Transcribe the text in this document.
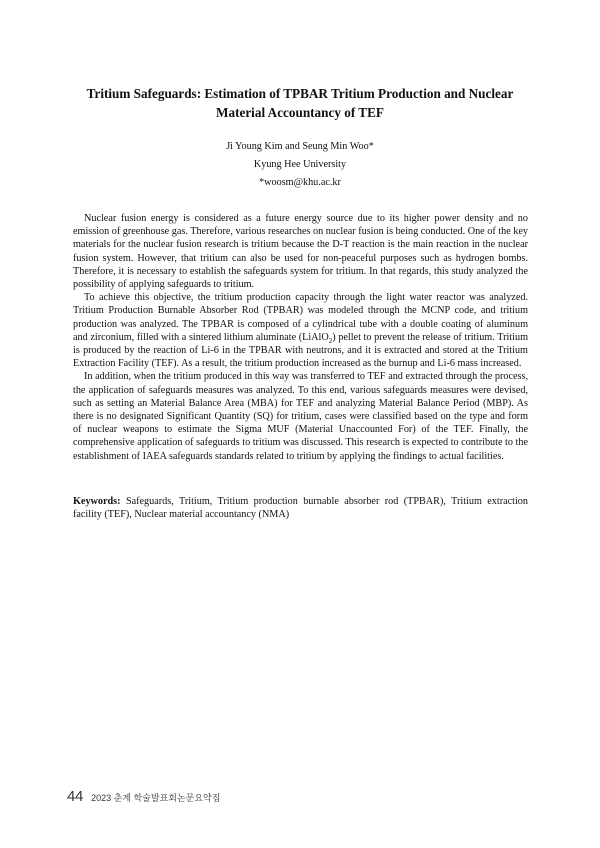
Tritium Safeguards: Estimation of TPBAR Tritium Production and Nuclear Material Accountancy of TEF
Ji Young Kim and Seung Min Woo*
Kyung Hee University
*woosm@khu.ac.kr

Nuclear fusion energy is considered as a future energy source due to its higher power density and no emission of greenhouse gas. Therefore, various researches on nuclear fusion is being conducted. One of the key materials for the nuclear fusion research is tritium because the D-T reaction is the main reaction in the nuclear fusion system. However, that tritium can also be used for non-peaceful purposes such as hydrogen bombs. Therefore, it is necessary to establish the safeguards system for tritium. In that regards, this study analyzed the possibility of applying safeguards to tritium.

To achieve this objective, the tritium production capacity through the light water reactor was analyzed. Tritium Production Burnable Absorber Rod (TPBAR) was modeled through the MCNP code, and tritium production was analyzed. The TPBAR is composed of a cylindrical tube with a double coating of aluminum and zirconium, filled with a sintered lithium aluminate (LiAlO$_2$) pellet to prevent the release of tritium. Tritium is produced by the reaction of Li-6 in the TPBAR with neutrons, and it is extracted and stored at the Tritium Extraction Facility (TEF). As a result, the tritium production increased as the burnup and Li-6 mass increased.

In addition, when the tritium produced in this way was transferred to TEF and extracted through the process, the application of safeguards measures was analyzed. To this end, various safeguards measures were devised, such as setting an Material Balance Area (MBA) for TEF and analyzing Material Balance Period (MBP). As there is no designated Significant Quantity (SQ) for tritium, cases were classified based on the type and form of nuclear weapons to estimate the Sigma MUF (Material Unaccounted For) of the TEF. Finally, the comprehensive application of safeguards to tritium was discussed. This research is expected to contribute to the establishment of IAEA safeguards standards related to tritium by applying the findings to actual facilities.

Keywords: Safeguards, Tritium, Tritium production burnable absorber rod (TPBAR), Tritium extraction facility (TEF), Nuclear material accountancy (NMA)
44 2023 춘계 학술발표회논문요약집
